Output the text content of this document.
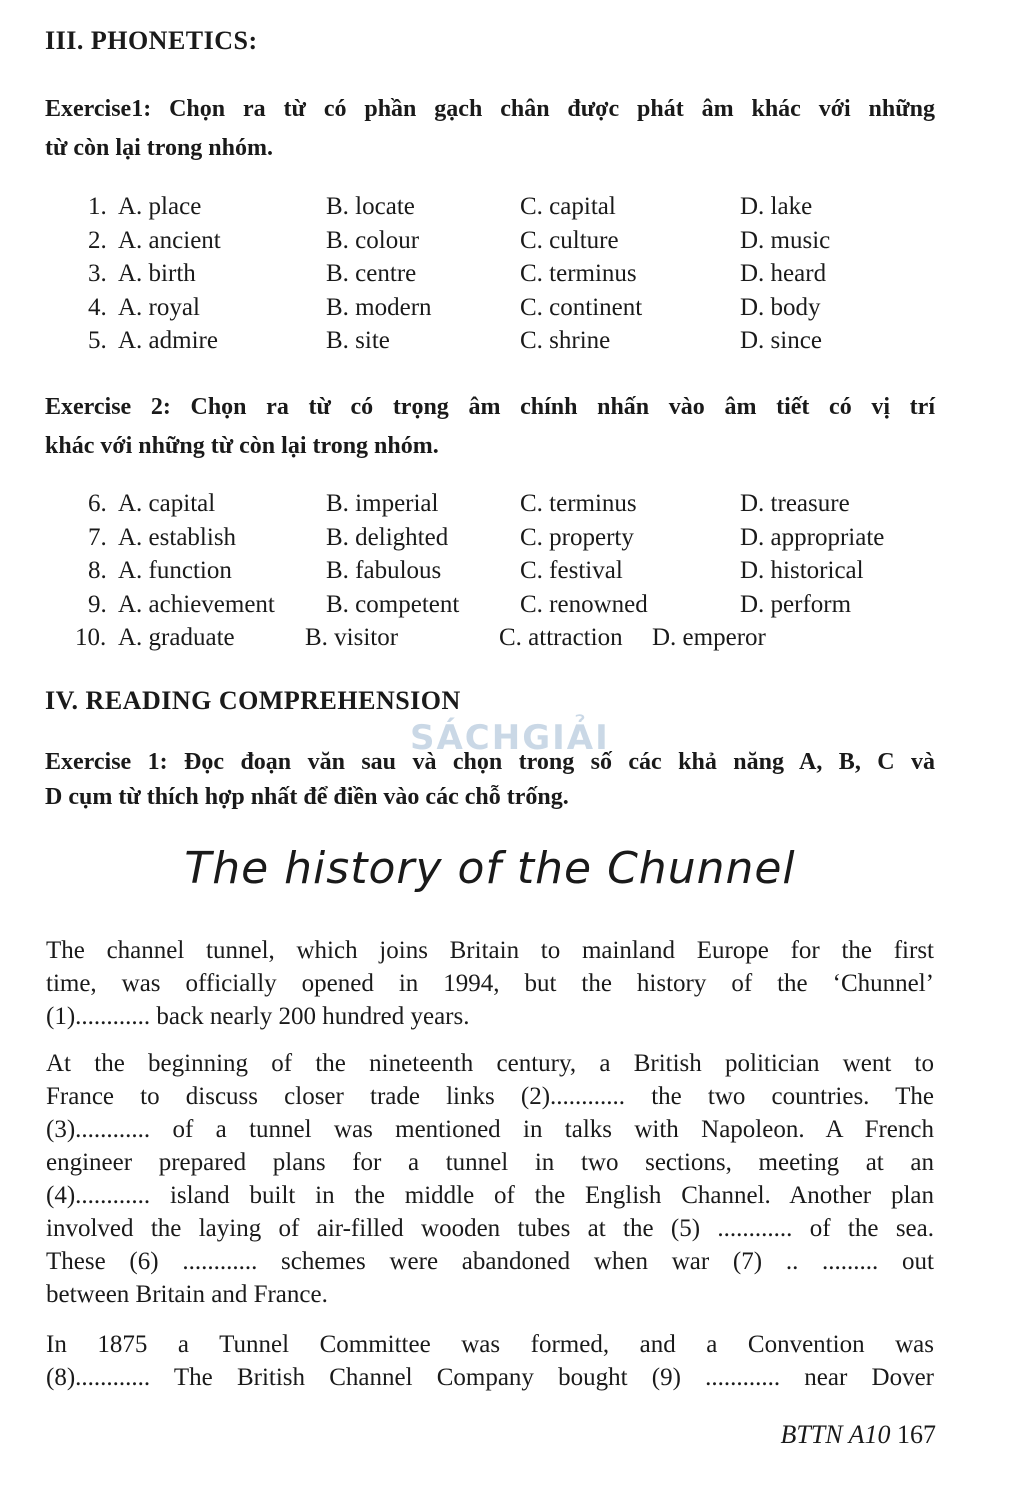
III. PHONETICS:
Exercise1: Chọn ra từ có phần gạch chân được phát âm khác với những
từ còn lại trong nhóm.
1. A. place	B. locate	C. capital	D. lake
2. A. ancient	B. colour	C. culture	D. music
3. A. birth	B. centre	C. terminus	D. heard
4. A. royal	B. modern	C. continent	D. body
5. A. admire	B. site	C. shrine	D. since
Exercise 2: Chọn ra từ có trọng âm chính nhấn vào âm tiết có vị trí
khác với những từ còn lại trong nhóm.
6. A. capital	B. imperial	C. terminus	D. treasure
7. A. establish	B. delighted	C. property	D. appropriate
8. A. function	B. fabulous	C. festival	D. historical
9. A. achievement B. competent C. renowned	D. perform
10. A. graduate	B. visitor	C. attraction D. emperor
IV. READING COMPREHENSION
SÁCHGIẢI
Exercise 1: Đọc đoạn văn sau và chọn trong số các khả năng A, B, C và
D cụm từ thích hợp nhất để điền vào các chỗ trống.
The history of the Chunnel
The channel tunnel, which joins Britain to mainland Europe for the first
time, was officially opened in 1994, but the history of the ‘Chunnel’
(1)............ back nearly 200 hundred years.
At the beginning of the nineteenth century, a British politician went to
France to discuss closer trade links (2)............ the two countries. The
(3)............ of a tunnel was mentioned in talks with Napoleon. A French
engineer prepared plans for a tunnel in two sections, meeting at an
(4)............ island built in the middle of the English Channel. Another plan
involved the laying of air-filled wooden tubes at the (5) ............ of the sea.
These (6) ............ schemes were abandoned when war (7) .. ......... out
between Britain and France.
In 1875 a Tunnel Committee was formed, and a Convention was
(8)............ The British Channel Company bought (9) ............ near Dover
BTTN A10 167
